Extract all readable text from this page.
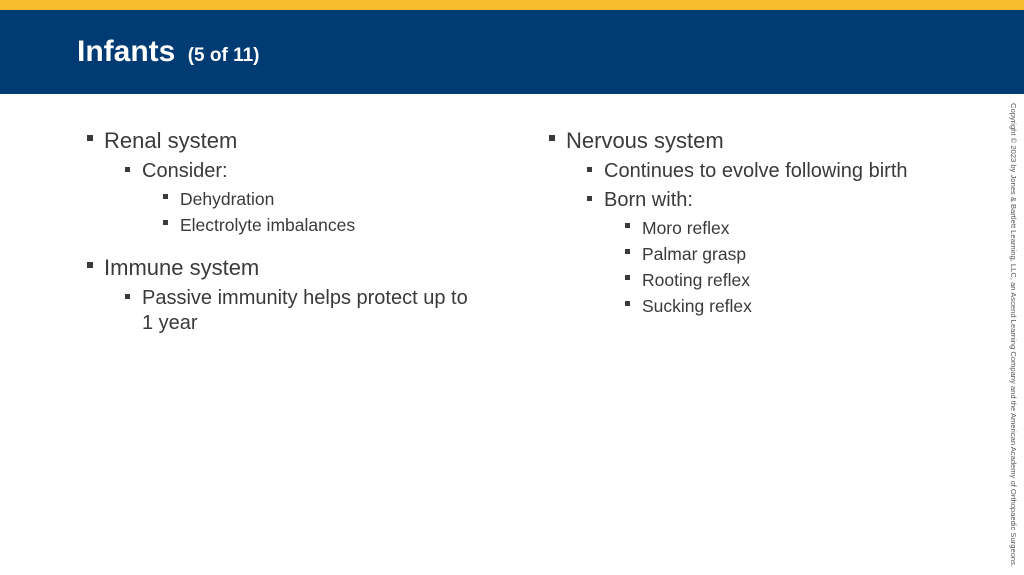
Infants (5 of 11)
Renal system
Consider:
Dehydration
Electrolyte imbalances
Immune system
Passive immunity helps protect up to 1 year
Nervous system
Continues to evolve following birth
Born with:
Moro reflex
Palmar grasp
Rooting reflex
Sucking reflex	Copyright © 2023 by Jones & Bartlett Learning, LLC, an Ascend Learning Company and the American Academy of Orthopaedic Surgeons.
